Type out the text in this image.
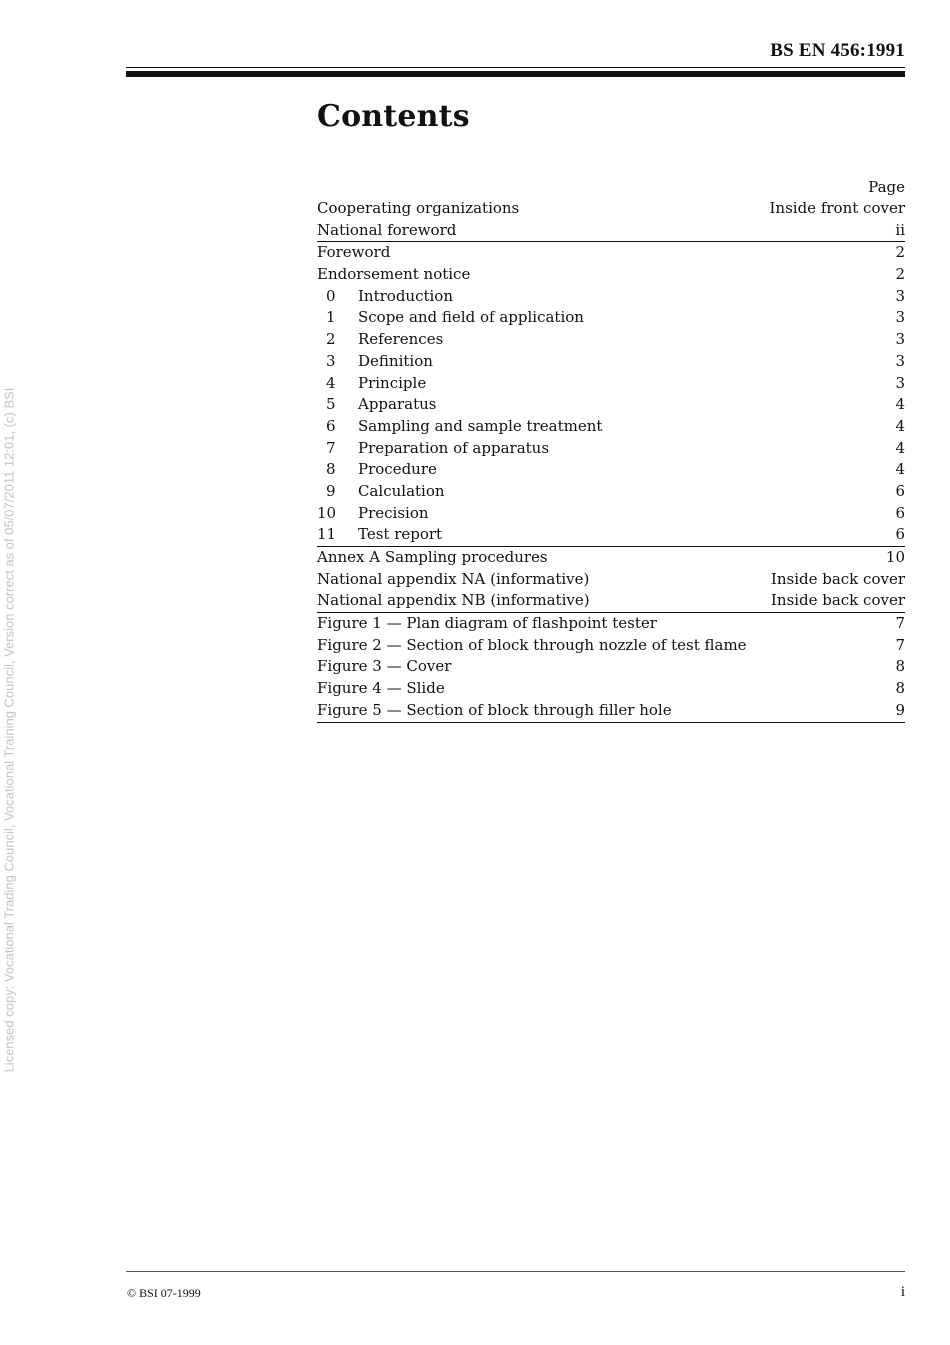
Licensed copy: Vocational Trading Council, Vocational Training Council, Version correct as of 05/07/2011 12:01, (c) BSI
BS EN 456:1991
Contents
Page
Cooperating organizations	Inside front cover
National foreword	ii
Foreword	2
Endorsement notice	2
0	Introduction	3
1	Scope and field of application	3
2	References	3
3	Definition	3
4	Principle	3
5	Apparatus	4
6	Sampling and sample treatment	4
7	Preparation of apparatus	4
8	Procedure	4
9	Calculation	6
10	Precision	6
11	Test report	6
Annex A Sampling procedures	10
National appendix NA (informative)	Inside back cover
National appendix NB (informative)	Inside back cover
Figure 1 — Plan diagram of flashpoint tester	7
Figure 2 — Section of block through nozzle of test flame	7
Figure 3 — Cover	8
Figure 4 — Slide	8
Figure 5 — Section of block through filler hole	9
© BSI 07-1999	i
